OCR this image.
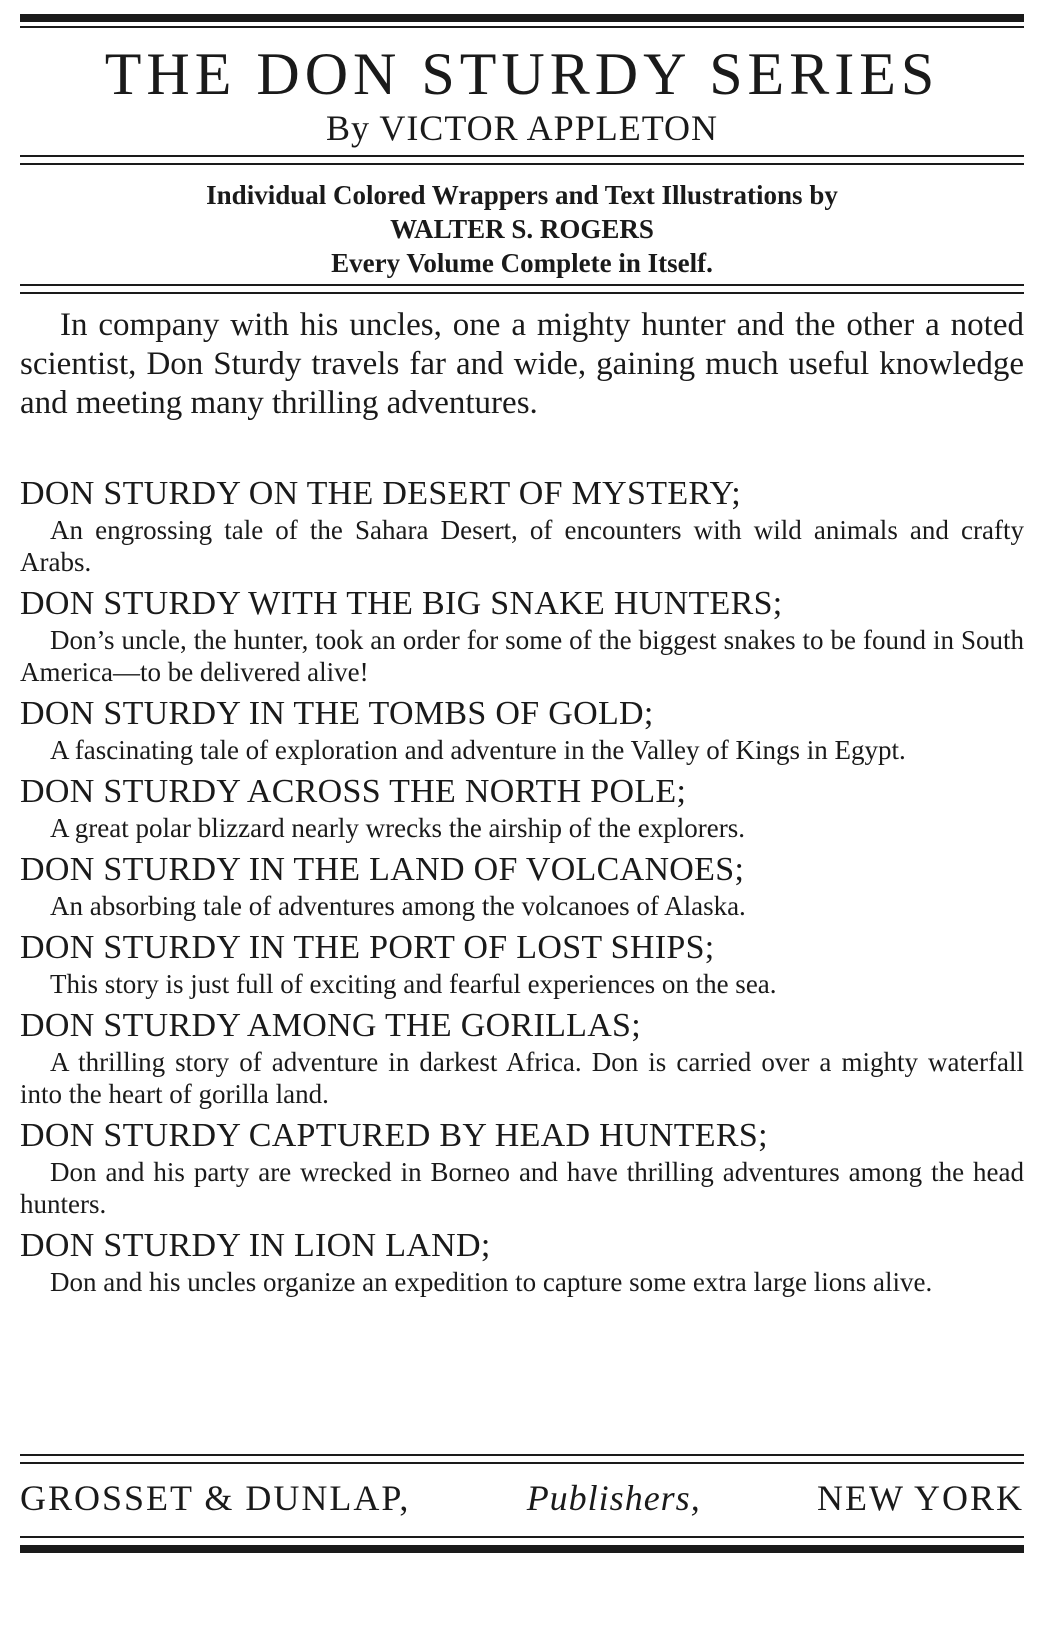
THE DON STURDY SERIES
By VICTOR APPLETON
Individual Colored Wrappers and Text Illustrations by
WALTER S. ROGERS
Every Volume Complete in Itself.
In company with his uncles, one a mighty hunter and the other a noted scientist, Don Sturdy travels far and wide, gaining much useful knowledge and meeting many thrilling adventures.
DON STURDY ON THE DESERT OF MYSTERY;
An engrossing tale of the Sahara Desert, of encounters with wild animals and crafty Arabs.
DON STURDY WITH THE BIG SNAKE HUNTERS;
Don’s uncle, the hunter, took an order for some of the biggest snakes to be found in South America—to be delivered alive!
DON STURDY IN THE TOMBS OF GOLD;
A fascinating tale of exploration and adventure in the Valley of Kings in Egypt.
DON STURDY ACROSS THE NORTH POLE;
A great polar blizzard nearly wrecks the airship of the explorers.
DON STURDY IN THE LAND OF VOLCANOES;
An absorbing tale of adventures among the volcanoes of Alaska.
DON STURDY IN THE PORT OF LOST SHIPS;
This story is just full of exciting and fearful experiences on the sea.
DON STURDY AMONG THE GORILLAS;
A thrilling story of adventure in darkest Africa. Don is carried over a mighty waterfall into the heart of gorilla land.
DON STURDY CAPTURED BY HEAD HUNTERS;
Don and his party are wrecked in Borneo and have thrilling adventures among the head hunters.
DON STURDY IN LION LAND;
Don and his uncles organize an expedition to capture some extra large lions alive.
GROSSET & DUNLAP,	Publishers,	NEW YORK
